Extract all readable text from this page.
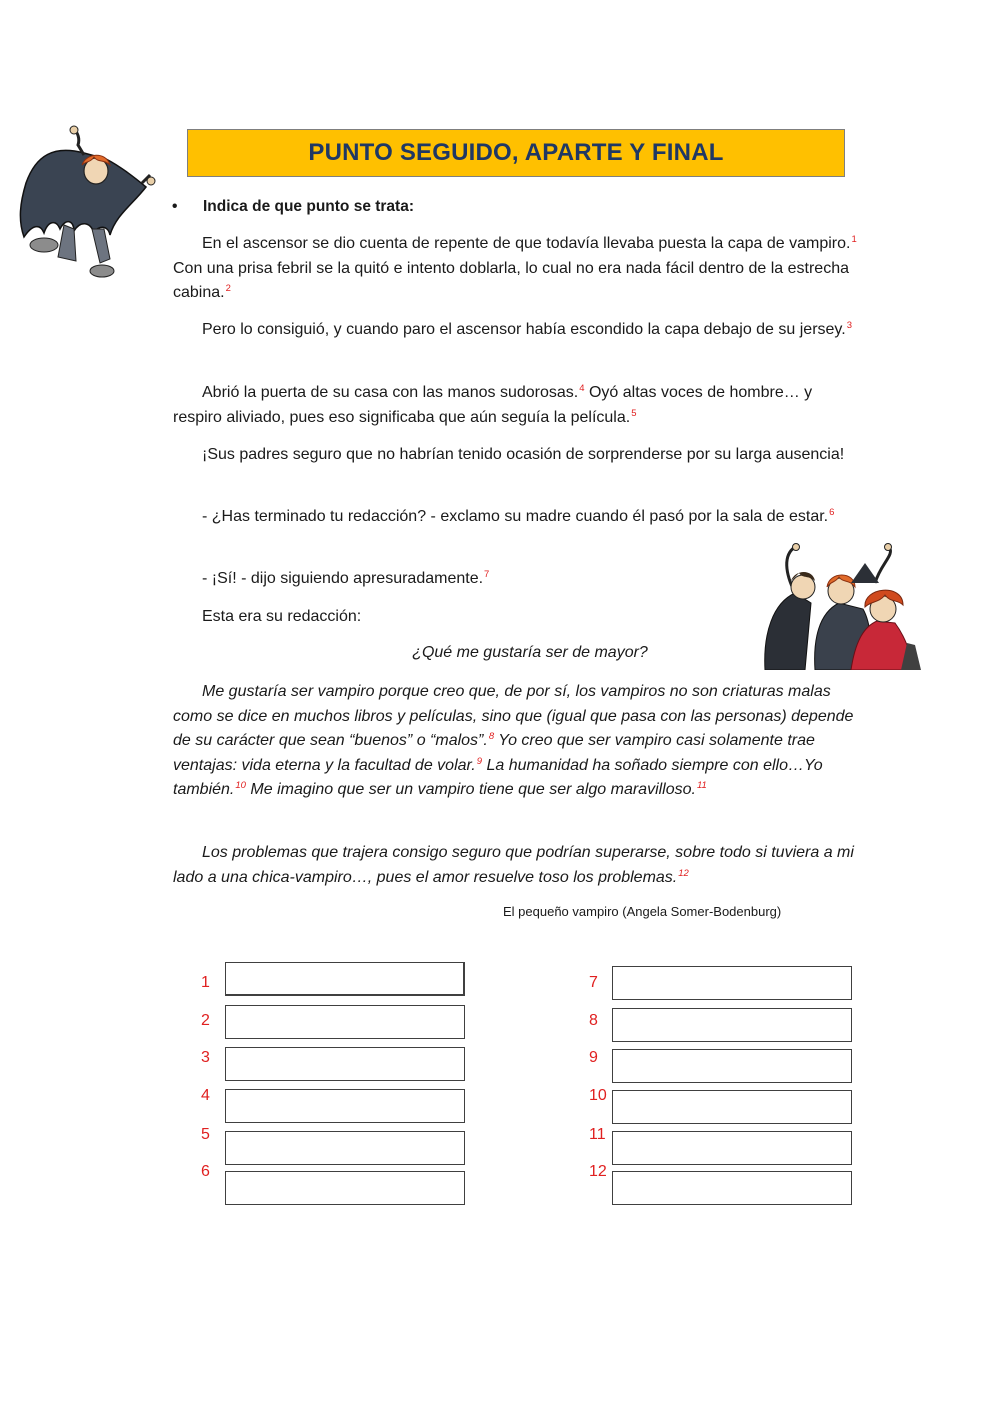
PUNTO SEGUIDO, APARTE Y FINAL
• Indica de que punto se trata:
En el ascensor se dio cuenta de repente de que todavía llevaba puesta la capa de vampiro.$^1$ Con una prisa febril se la quitó e intento doblarla, lo cual no era nada fácil dentro de la estrecha cabina.$^2$
Pero lo consiguió, y cuando paro el ascensor había escondido la capa debajo de su jersey.$^3$
Abrió la puerta de su casa con las manos sudorosas.$^4$ Oyó altas voces de hombre… y respiro aliviado, pues eso significaba que aún seguía la película.$^5$
¡Sus padres seguro que no habrían tenido ocasión de sorprenderse por su larga ausencia!
- ¿Has terminado tu redacción? - exclamo su madre cuando él pasó por la sala de estar.$^6$
- ¡Sí! - dijo siguiendo apresuradamente.$^7$
Esta era su redacción:
¿Qué me gustaría ser de mayor?
Me gustaría ser vampiro porque creo que, de por sí, los vampiros no son criaturas malas como se dice en muchos libros y películas, sino que (igual que pasa con las personas) depende de su carácter que sean “buenos” o “malos”.$^8$ Yo creo que ser vampiro casi solamente trae ventajas: vida eterna y la facultad de volar.$^9$ La humanidad ha soñado siempre con ello…Yo también.$^{10}$ Me imagino que ser un vampiro tiene que ser algo maravilloso.$^{11}$
Los problemas que trajera consigo seguro que podrían superarse, sobre todo si tuviera a mi lado a una chica-vampiro…, pues el amor resuelve toso los problemas.$^{12}$
El pequeño vampiro (Angela Somer-Bodenburg)
1
2
3
4
5
6
7
8
9
10
11
12
